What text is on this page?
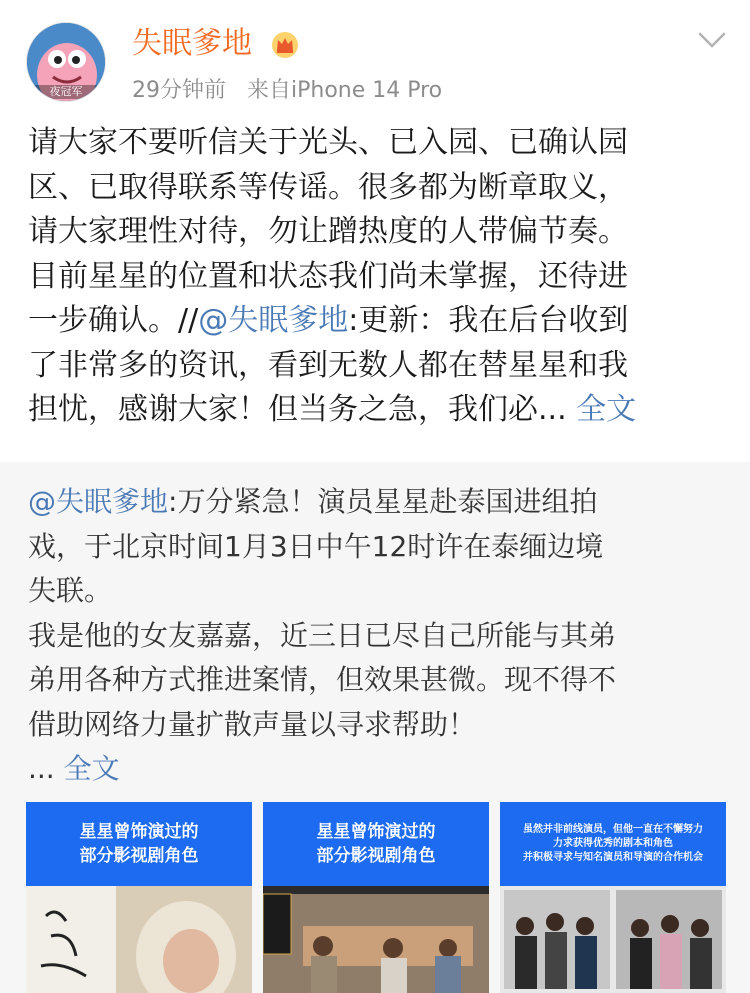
夜冠军
失眠爹地
29分钟前 来自iPhone 14 Pro
请大家不要听信关于光头、已入园、已确认园
区、已取得联系等传谣。很多都为断章取义，
请大家理性对待，勿让蹭热度的人带偏节奏。
目前星星的位置和状态我们尚未掌握，还待进
一步确认。//@失眠爹地:更新：我在后台收到
了非常多的资讯，看到无数人都在替星星和我
担忧，感谢大家！但当务之急，我们必... 全文
@失眠爹地:万分紧急！演员星星赴泰国进组拍
戏，于北京时间1月3日中午12时许在泰缅边境
失联。
我是他的女友嘉嘉，近三日已尽自己所能与其弟
弟用各种方式推进案情，但效果甚微。现不得不
借助网络力量扩散声量以寻求帮助！
... 全文
星星曾饰演过的
部分影视剧角色
星星曾饰演过的
部分影视剧角色
虽然并非前线演员，但他一直在不懈努力
力求获得优秀的剧本和角色
并积极寻求与知名演员和导演的合作机会
